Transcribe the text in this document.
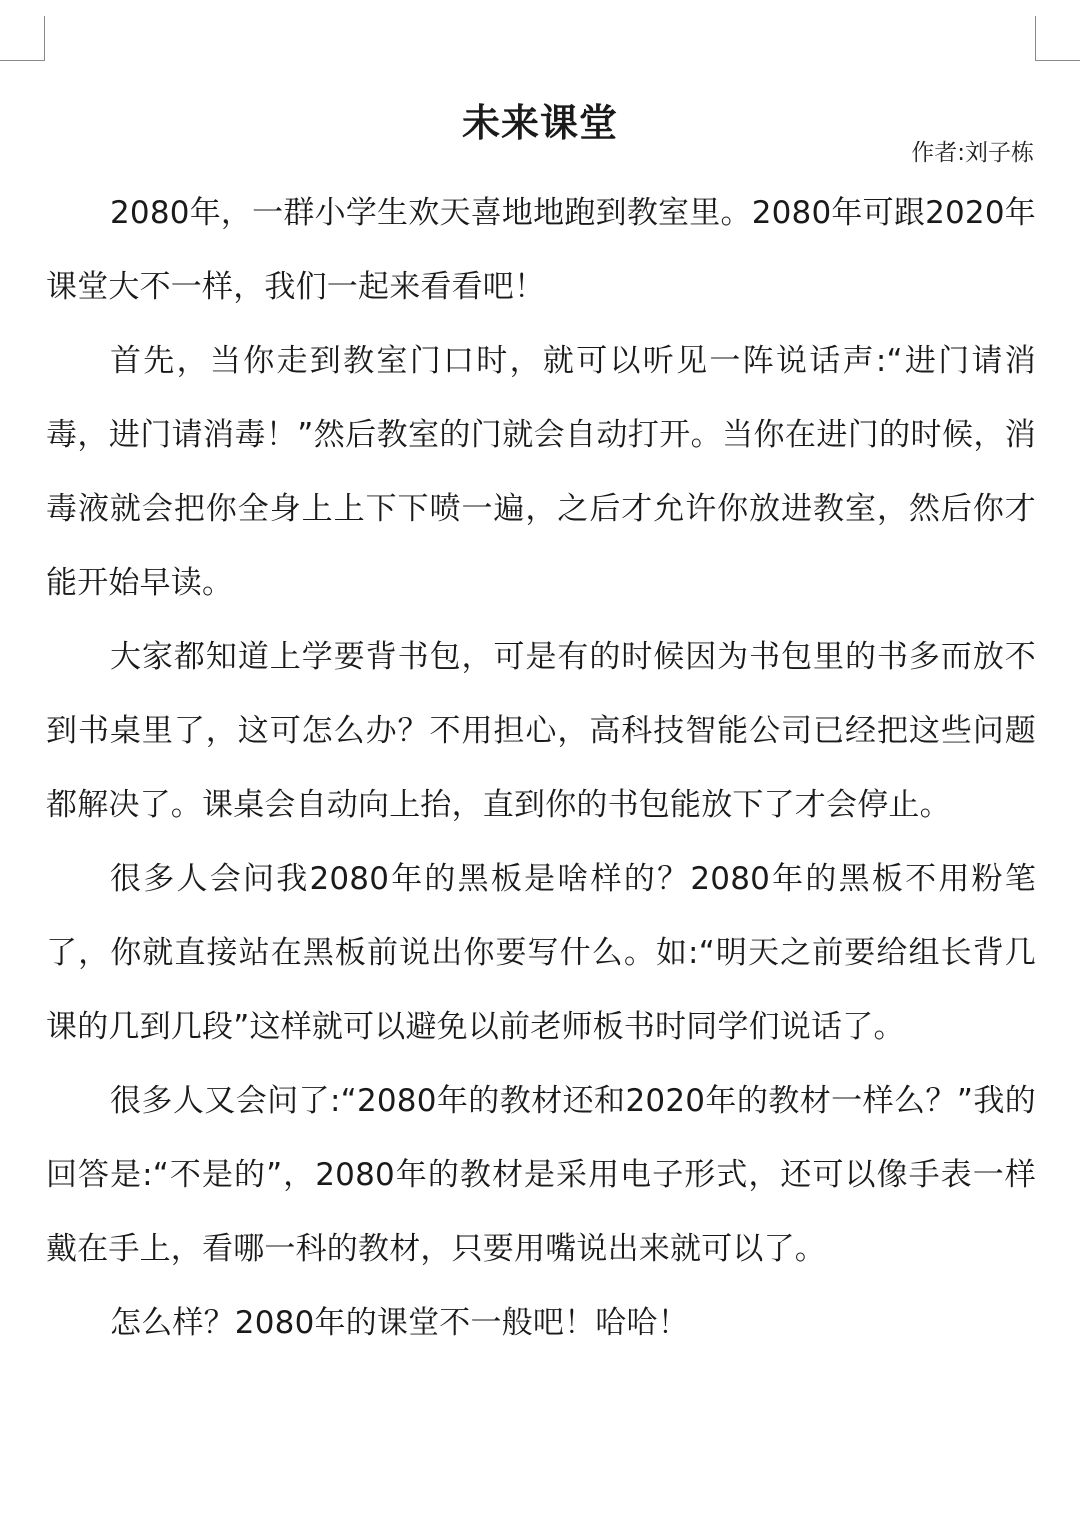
未来课堂
作者:刘子栋

2080年，一群小学生欢天喜地地跑到教室里。2080年可跟2020年课堂大不一样，我们一起来看看吧！

首先，当你走到教室门口时，就可以听见一阵说话声:“进门请消毒，进门请消毒！”然后教室的门就会自动打开。当你在进门的时候，消毒液就会把你全身上上下下喷一遍，之后才允许你放进教室，然后你才能开始早读。

大家都知道上学要背书包，可是有的时候因为书包里的书多而放不到书桌里了，这可怎么办？不用担心，高科技智能公司已经把这些问题都解决了。课桌会自动向上抬，直到你的书包能放下了才会停止。

很多人会问我2080年的黑板是啥样的？2080年的黑板不用粉笔了，你就直接站在黑板前说出你要写什么。如:“明天之前要给组长背几课的几到几段”这样就可以避免以前老师板书时同学们说话了。

很多人又会问了:“2080年的教材还和2020年的教材一样么？”我的回答是:“不是的”，2080年的教材是采用电子形式，还可以像手表一样戴在手上，看哪一科的教材，只要用嘴说出来就可以了。

怎么样？2080年的课堂不一般吧！哈哈！
